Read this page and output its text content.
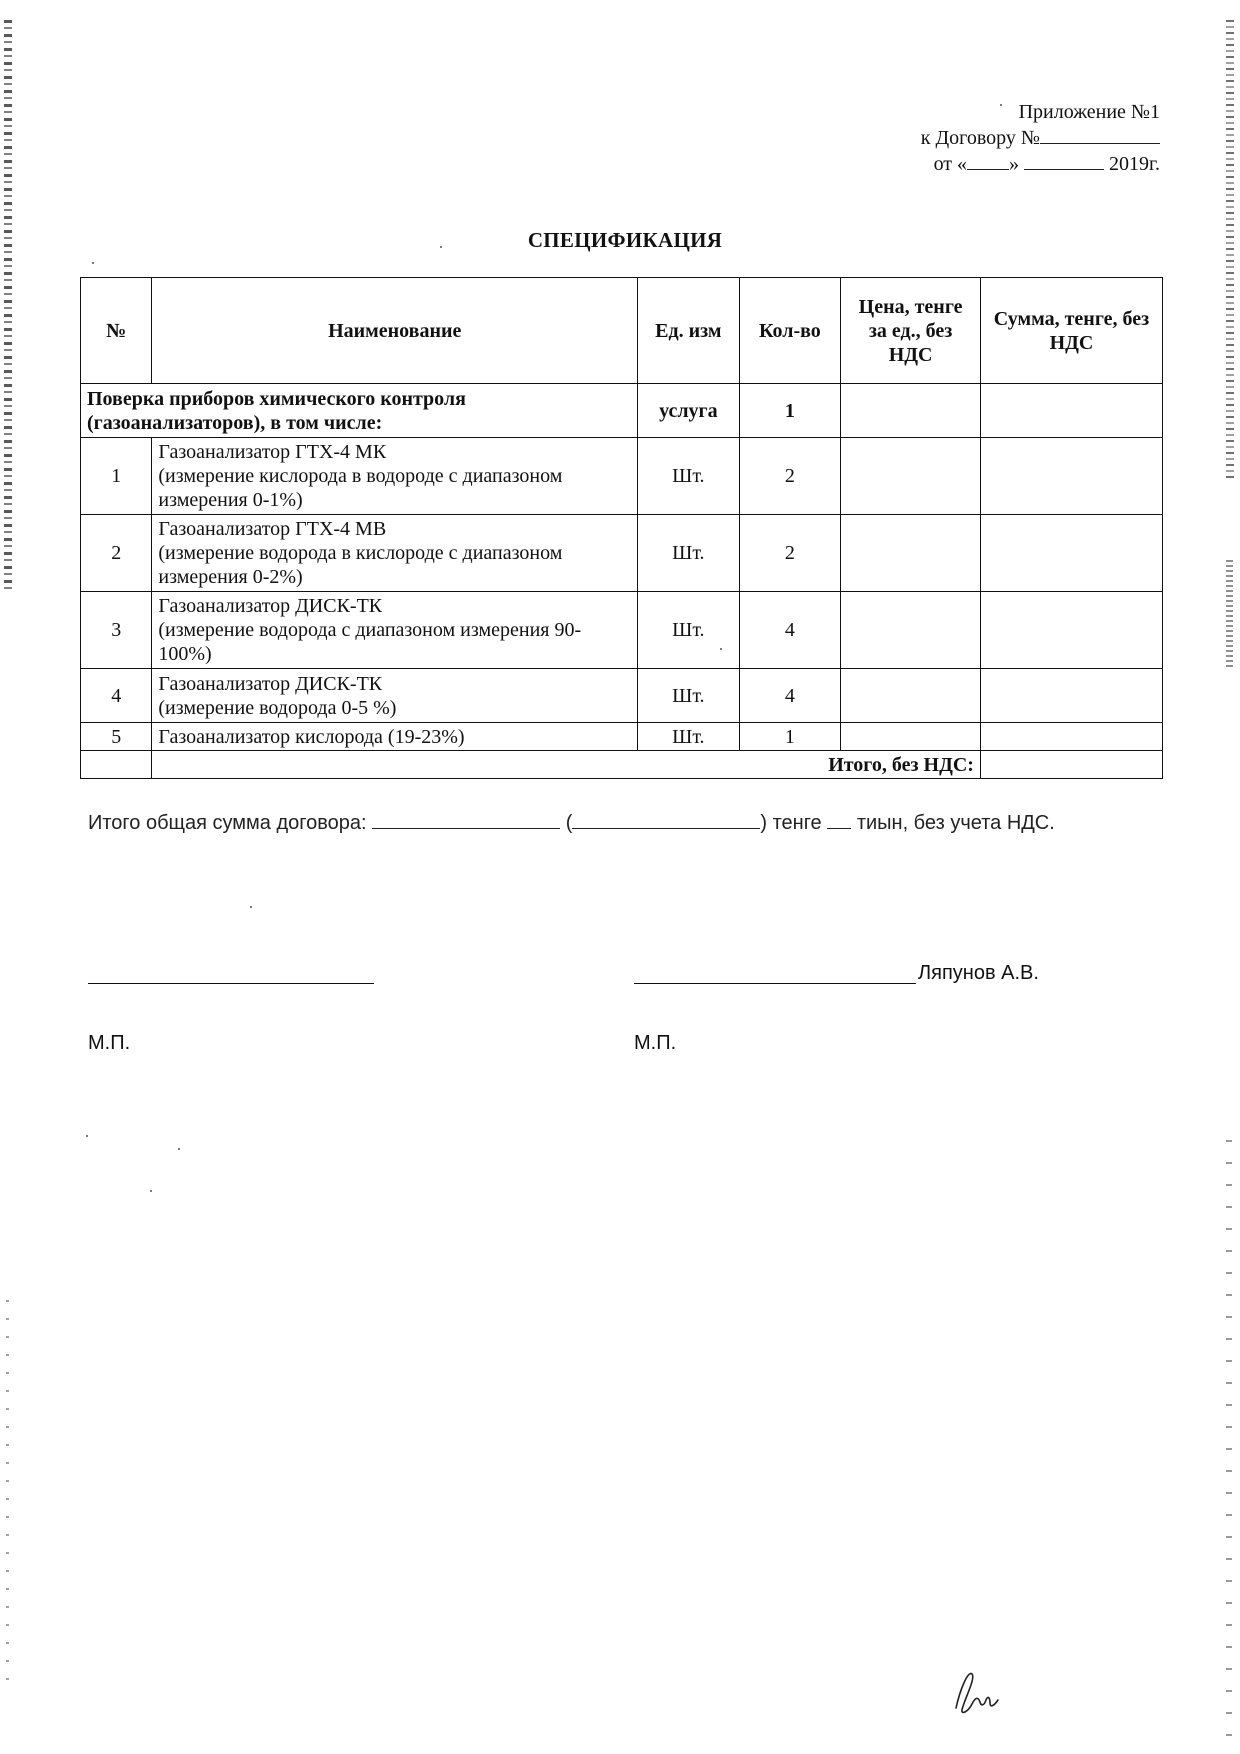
Приложение №1
к Договору №
от « »	2019г.
СПЕЦИФИКАЦИЯ
№	Наименование	Ед. изм	Кол-во	Цена, тенге за ед., без НДС	Сумма, тенге, без НДС
Поверка приборов химического контроля (газоанализаторов), в том числе:		услуга	1		
1	Газоанализатор ГТХ-4 МК
(измерение кислорода в водороде с диапазоном
измерения 0-1%)	Шт.	2		
2	Газоанализатор ГТХ-4 МВ
(измерение водорода в кислороде с диапазоном
измерения 0-2%)	Шт.	2		
3	Газоанализатор ДИСК-ТК
(измерение водорода с диапазоном измерения 90-
100%)	Шт.	4		
4	Газоанализатор ДИСК-ТК
(измерение водорода 0-5 %)	Шт.	4		
5	Газоанализатор кислорода (19-23%)	Шт.	1		
	Итого, без НДС:				
Итого общая сумма договора:	(	) тенге тиын, без учета НДС.
Ляпунов А.В.
М.П.	М.П.
